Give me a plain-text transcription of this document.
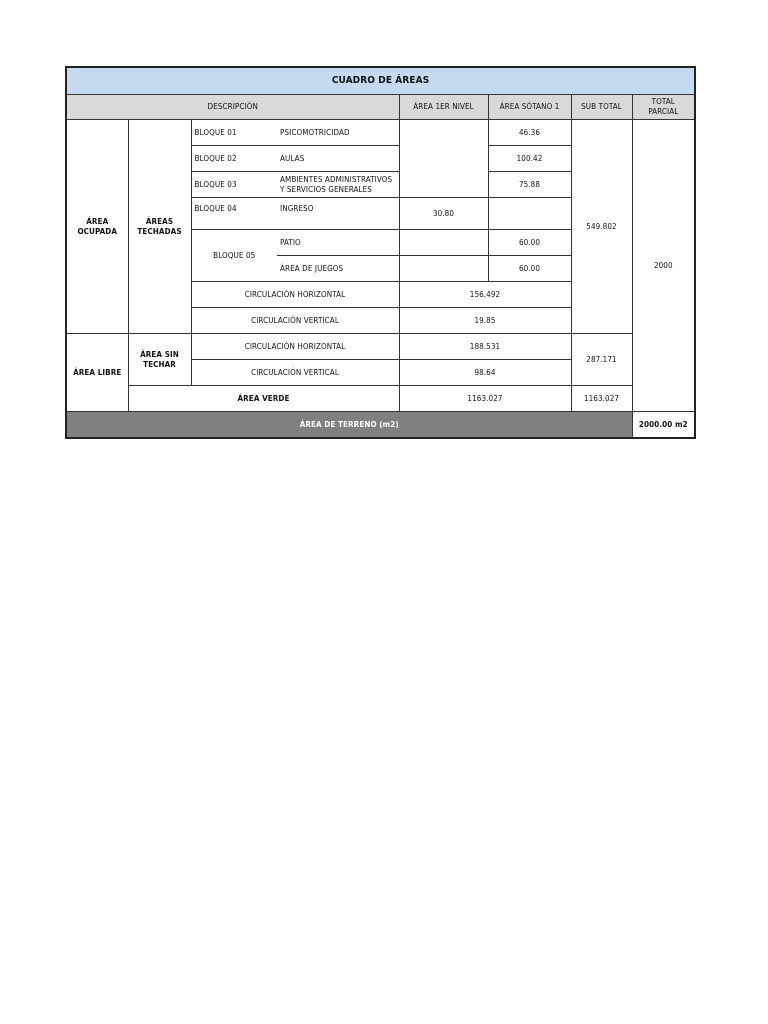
CUADRO DE ÁREAS							
DESCRIPCIÓN				ÁREA 1ER NIVEL	ÁREA SÓTANO 1	SUB TOTAL	TOTAL PARCIAL
ÁREA OCUPADA	ÁREAS TECHADAS	BLOQUE 01	PSICOMOTRICIDAD		46.36	549.802	2000
		BLOQUE 02	AULAS		100.42		
		BLOQUE 03	AMBIENTES ADMINISTRATIVOS Y SERVICIOS GENERALES		75.88		
		BLOQUE 04	INGRESO	30.80			
		BLOQUE 05	PATIO		60.00		
			ÁREA DE JUEGOS		60.00		
		CIRCULACIÓN HORIZONTAL		156.492			
		CIRCULACIÓN VERTICAL		19.85			
ÁREA LIBRE	ÁREA SIN TECHAR	CIRCULACIÓN HORIZONTAL		188.531		287.171	
		CIRCULACIÓN VERTICAL		98.64			
	ÁREA VERDE			1163.027		1163.027	
ÁREA DE TERRENO (m2)							2000.00 m2
